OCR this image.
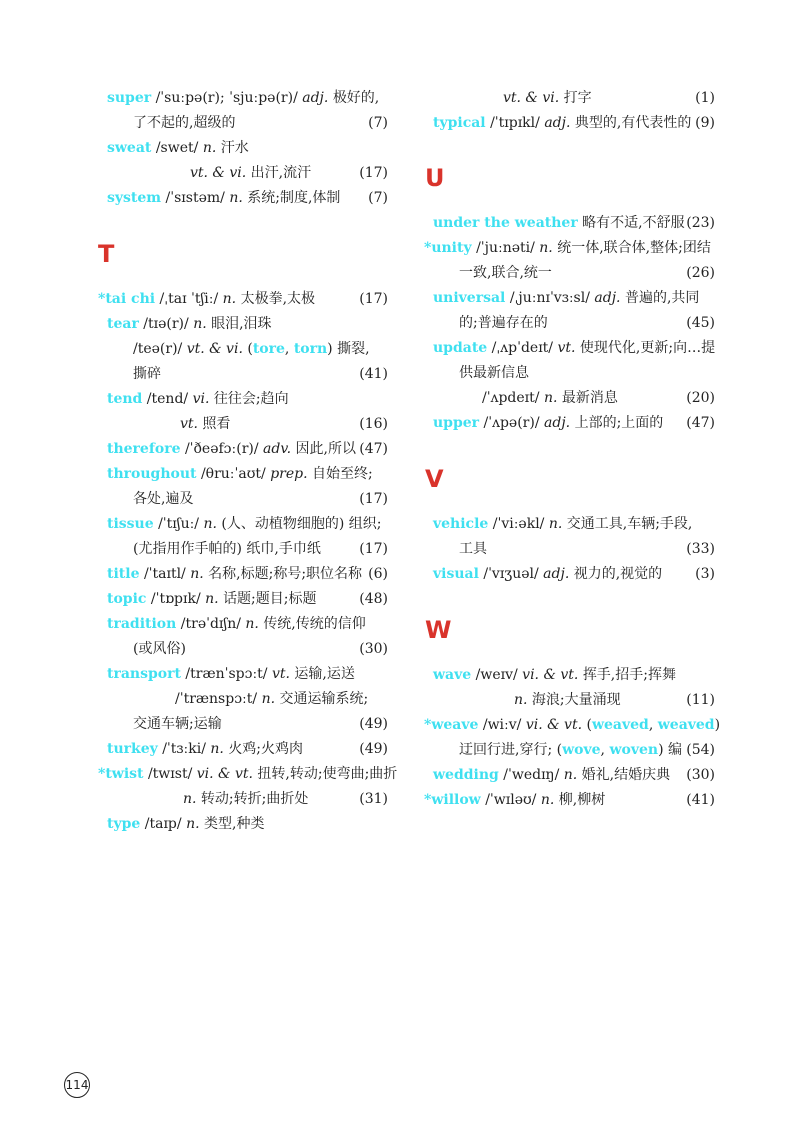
super /ˈsuːpə(r); ˈsjuːpə(r)/ adj. 极好的,
了不起的,超级的	(7)
sweat /swet/ n. 汗水
vt. & vi. 出汗,流汗	(17)
system /ˈsɪstəm/ n. 系统;制度,体制	(7)
T
*tai chi /ˌtaɪ ˈtʃiː/ n. 太极拳,太极	(17)
tear /tɪə(r)/ n. 眼泪,泪珠
/teə(r)/ vt. & vi. (tore, torn) 撕裂,
撕碎	(41)
tend /tend/ vi. 往往会;趋向
vt. 照看	(16)
therefore /ˈðeəfɔː(r)/ adv. 因此,所以 (47)
throughout /θruːˈaʊt/ prep. 自始至终;
各处,遍及	(17)
tissue /ˈtɪʃuː/ n. (人、动植物细胞的) 组织;
(尤指用作手帕的) 纸巾,手巾纸	(17)
title /ˈtaɪtl/ n. 名称,标题;称号;职位名称 (6)
topic /ˈtɒpɪk/ n. 话题;题目;标题	(48)
tradition /trəˈdɪʃn/ n. 传统,传统的信仰
(或风俗)	(30)
transport /trænˈspɔːt/ vt. 运输,运送
/ˈtrænspɔːt/ n. 交通运输系统;
交通车辆;运输	(49)
turkey /ˈtɜːki/ n. 火鸡;火鸡肉	(49)
*twist /twɪst/ vi. & vt. 扭转,转动;使弯曲;曲折
n. 转动;转折;曲折处	(31)
type /taɪp/ n. 类型,种类
vt. & vi. 打字	(1)
typical /ˈtɪpɪkl/ adj. 典型的,有代表性的 (9)
U
under the weather 略有不适,不舒服 (23)
*unity /ˈjuːnəti/ n. 统一体,联合体,整体;团结
一致,联合,统一	(26)
universal /ˌjuːnɪˈvɜːsl/ adj. 普遍的,共同
的;普遍存在的	(45)
update /ˌʌpˈdeɪt/ vt. 使现代化,更新;向…提
供最新信息
/ˈʌpdeɪt/ n. 最新消息	(20)
upper /ˈʌpə(r)/ adj. 上部的;上面的	(47)
V
vehicle /ˈviːəkl/ n. 交通工具,车辆;手段,
工具	(33)
visual /ˈvɪʒuəl/ adj. 视力的,视觉的	(3)
W
wave /weɪv/ vi. & vt. 挥手,招手;挥舞
n. 海浪;大量涌现	(11)
*weave /wiːv/ vi. & vt. (weaved, weaved)
迂回行进,穿行; (wove, woven) 编 (54)
wedding /ˈwedɪŋ/ n. 婚礼,结婚庆典	(30)
*willow /ˈwɪləʊ/ n. 柳,柳树	(41)
114
